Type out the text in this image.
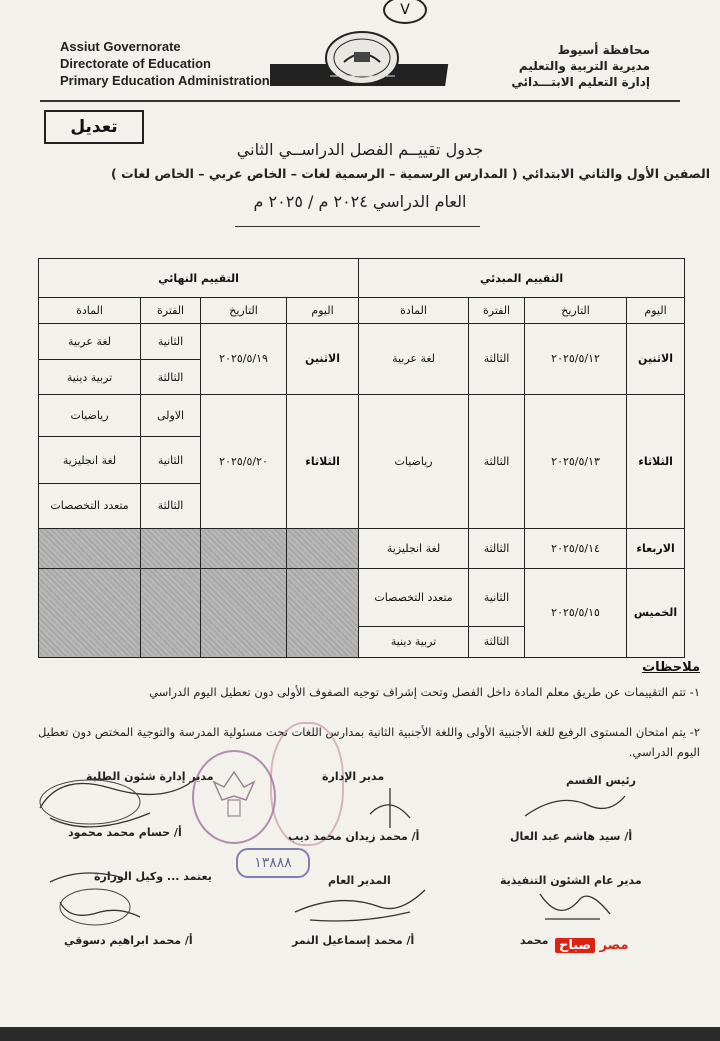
V
Assiut Governorate
Directorate of Education
Primary Education Administration
محافظة أسيوط
مديرية التربية والتعليم
إدارة التعليم الابتـــدائي
تعديل
جدول تقييــم الفصل الدراســي الثاني
الصفين الأول والثاني الابتدائي ( المدارس الرسمية – الرسمية لغات – الخاص عربي – الخاص لغات )
العام الدراسي ٢٠٢٤ م / ٢٠٢٥ م
التقييم المبدئي				التقييم النهائي			
اليوم	التاريخ	الفترة	المادة	اليوم	التاريخ	الفترة	المادة
الاثنين	٢٠٢٥/٥/١٢	الثالثة	لغة عربية	الاثنين	٢٠٢٥/٥/١٩	الثانية	لغة عربية
						الثالثة	تربية دينية
الثلاثاء	٢٠٢٥/٥/١٣	الثالثة	رياضيات	الثلاثاء	٢٠٢٥/٥/٢٠	الاولى	رياضيات
						الثانية	لغة انجليزية
						الثالثة	متعدد التخصصات
الاربعاء	٢٠٢٥/٥/١٤	الثالثة	لغة انجليزية				
الخميس	٢٠٢٥/٥/١٥	الثانية	متعدد التخصصات				
		الثالثة	تربية دينية				
ملاحظات
١- تتم التقييمات عن طريق معلم المادة داخل الفصل وتحت إشراف توجيه الصفوف الأولى دون تعطيل اليوم الدراسي
٢- يتم امتحان المستوى الرفيع للغة الأجنبية الأولى واللغة الأجنبية الثانية بمدارس اللغات تحت مسئولية المدرسة والتوجية المختص دون تعطيل اليوم الدراسي.
١٣٨٨٨
رئيس القسم
أ/ سيد هاشم عبد العال
مدير الإدارة
أ/ محمد زيدان محمد ديب
مدير إدارة شئون الطلبة
أ/ حسام محمد محمود
مدير عام الشئون التنفيذية
محمد
المدير العام
أ/ محمد إسماعيل النمر
يعتمد ... وكيل الوزارة
أ/ محمد ابراهيم دسوقي	مصر صباح
